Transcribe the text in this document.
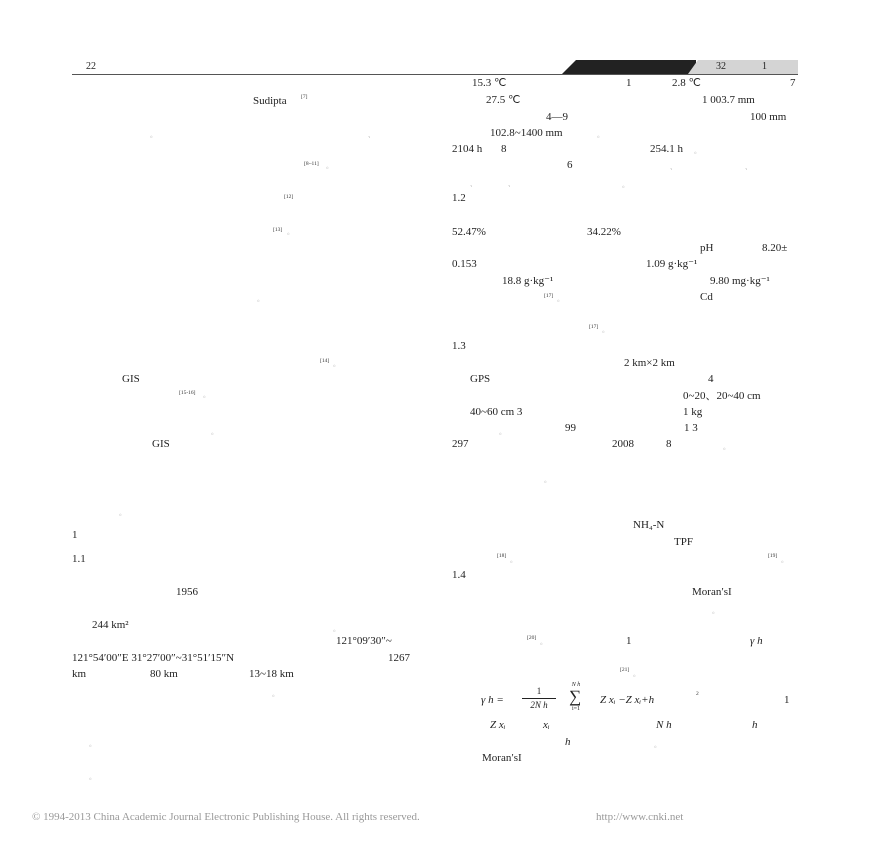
22	32	1
Sudipta	[7]
。	、
[8~11] 。
[12]
[13] 。
。
[14] 。
GIS
[15-16] 。
。
GIS
。
1
1.1
1956
244 km²	。
121°09′30″~
121°54′00″E 31°27′00″~31°51′15″N	1267
km	80 km	13~18 km
。
。
。
15.3 ℃	1	2.8 ℃	7
27.5 ℃	1 003.7 mm
4—9	100 mm
102.8~1400 mm	。
2104 h 8	254.1 h 。
6	、	、
、	、	。
1.2
52.47%	34.22%
pH	8.20±
0.153	1.09 g·kg⁻¹
18.8 g·kg⁻¹	9.80 mg·kg⁻¹
[17] 。	Cd
[17] 。
1.3
2 km×2 km
GPS	4
0~20、20~40 cm
40~60 cm 3	1 kg
。	99	1 3
297	2008	8	。
。
NH₄-N
TPF
[18] 。	[19] 。
1.4
Moran′sI
。
[20] 。	1	γ h
[21] 。
γ h =
1
2N h
N h
∑
i=1
Z xᵢ −Z xᵢ+h	2	1
Z xᵢ	xᵢ	N h	h
h	。
Moran′sI
© 1994-2013 China Academic Journal Electronic Publishing House. All rights reserved.	http://www.cnki.net
